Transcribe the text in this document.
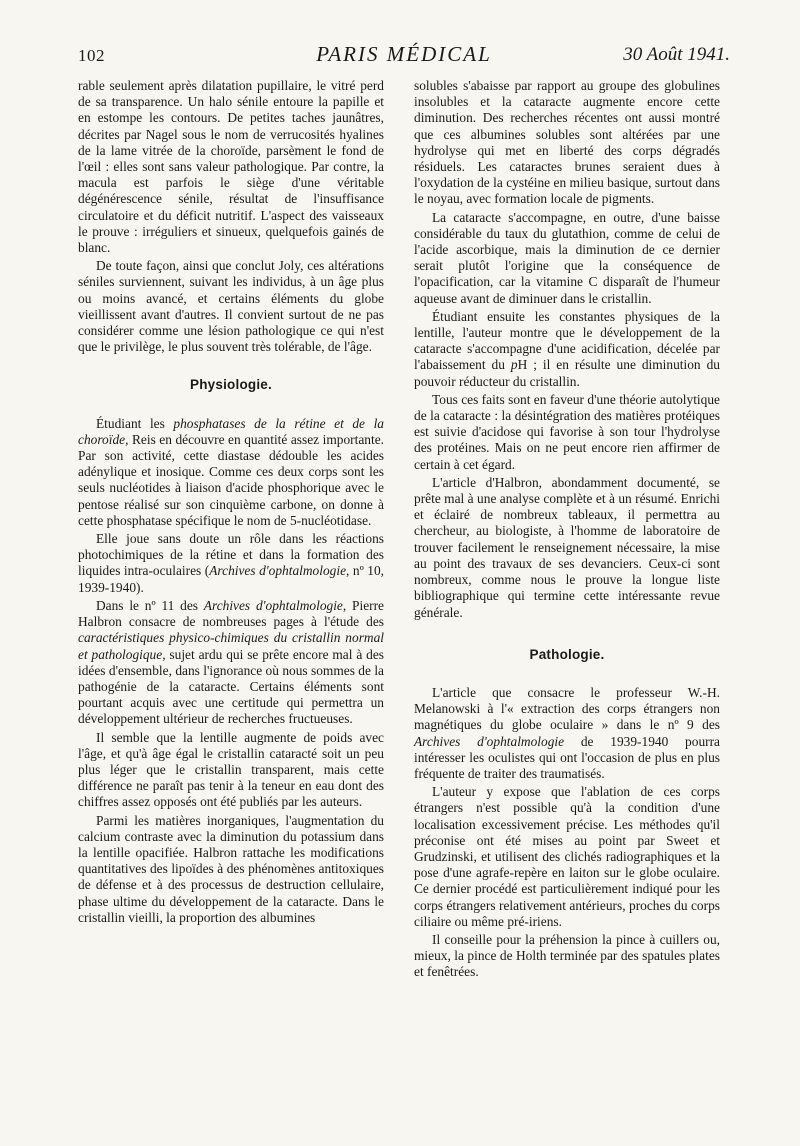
102	PARIS MÉDICAL	30 Août 1941.

rable seulement après dilatation pupillaire, le vitré perd de sa transparence. Un halo sénile entoure la papille et en estompe les contours. De petites taches jaunâtres, décrites par Nagel sous le nom de verrucosités hyalines de la lame vitrée de la choroïde, parsèment le fond de l'œil : elles sont sans valeur pathologique. Par contre, la macula est parfois le siège d'une véritable dégénérescence sénile, résultat de l'insuffisance circulatoire et du déficit nutritif. L'aspect des vaisseaux le prouve : irréguliers et sinueux, quelquefois gainés de blanc.

De toute façon, ainsi que conclut Joly, ces altérations séniles surviennent, suivant les individus, à un âge plus ou moins avancé, et certains éléments du globe vieillissent avant d'autres. Il convient surtout de ne pas considérer comme une lésion pathologique ce qui n'est que le privilège, le plus souvent très tolérable, de l'âge.

Physiologie.

Étudiant les phosphatases de la rétine et de la choroïde, Reis en découvre en quantité assez importante. Par son activité, cette diastase dédouble les acides adénylique et inosique. Comme ces deux corps sont les seuls nucléotides à liaison d'acide phosphorique avec le pentose réalisé sur son cinquième carbone, on donne à cette phosphatase spécifique le nom de 5-nucléotidase.

Elle joue sans doute un rôle dans les réactions photochimiques de la rétine et dans la formation des liquides intra-oculaires (Archives d'ophtalmologie, nº 10, 1939-1940).

Dans le nº 11 des Archives d'ophtalmologie, Pierre Halbron consacre de nombreuses pages à l'étude des caractéristiques physico-chimiques du cristallin normal et pathologique, sujet ardu qui se prête encore mal à des idées d'ensemble, dans l'ignorance où nous sommes de la pathogénie de la cataracte. Certains éléments sont pourtant acquis avec une certitude qui permettra un développement ultérieur de recherches fructueuses.

Il semble que la lentille augmente de poids avec l'âge, et qu'à âge égal le cristallin cataracté soit un peu plus léger que le cristallin transparent, mais cette différence ne paraît pas tenir à la teneur en eau dont des chiffres assez opposés ont été publiés par les auteurs.

Parmi les matières inorganiques, l'augmentation du calcium contraste avec la diminution du potassium dans la lentille opacifiée. Halbron rattache les modifications quantitatives des lipoïdes à des phénomènes antitoxiques de défense et à des processus de destruction cellulaire, phase ultime du développement de la cataracte. Dans le cristallin vieilli, la proportion des albumines

solubles s'abaisse par rapport au groupe des globulines insolubles et la cataracte augmente encore cette diminution. Des recherches récentes ont aussi montré que ces albumines solubles sont altérées par une hydrolyse qui met en liberté des corps dégradés résiduels. Les cataractes brunes seraient dues à l'oxydation de la cystéine en milieu basique, surtout dans le noyau, avec formation locale de pigments.

La cataracte s'accompagne, en outre, d'une baisse considérable du taux du glutathion, comme de celui de l'acide ascorbique, mais la diminution de ce dernier serait plutôt l'origine que la conséquence de l'opacification, car la vitamine C disparaît de l'humeur aqueuse avant de diminuer dans le cristallin.

Étudiant ensuite les constantes physiques de la lentille, l'auteur montre que le développement de la cataracte s'accompagne d'une acidification, décelée par l'abaissement du pH ; il en résulte une diminution du pouvoir réducteur du cristallin.

Tous ces faits sont en faveur d'une théorie autolytique de la cataracte : la désintégration des matières protéiques est suivie d'acidose qui favorise à son tour l'hydrolyse des protéines. Mais on ne peut encore rien affirmer de certain à cet égard.

L'article d'Halbron, abondamment documenté, se prête mal à une analyse complète et à un résumé. Enrichi et éclairé de nombreux tableaux, il permettra au chercheur, au biologiste, à l'homme de laboratoire de trouver facilement le renseignement nécessaire, la mise au point des travaux de ses devanciers. Ceux-ci sont nombreux, comme nous le prouve la longue liste bibliographique qui termine cette intéressante revue générale.

Pathologie.

L'article que consacre le professeur W.-H. Melanowski à l'« extraction des corps étrangers non magnétiques du globe oculaire » dans le nº 9 des Archives d'ophtalmologie de 1939-1940 pourra intéresser les oculistes qui ont l'occasion de plus en plus fréquente de traiter des traumatisés.

L'auteur y expose que l'ablation de ces corps étrangers n'est possible qu'à la condition d'une localisation excessivement précise. Les méthodes qu'il préconise ont été mises au point par Sweet et Grudzinski, et utilisent des clichés radiographiques et la pose d'une agrafe-repère en laiton sur le globe oculaire. Ce dernier procédé est particulièrement indiqué pour les corps étrangers relativement antérieurs, proches du corps ciliaire ou même pré-iriens.

Il conseille pour la préhension la pince à cuillers ou, mieux, la pince de Holth terminée par des spatules plates et fenêtrées.
